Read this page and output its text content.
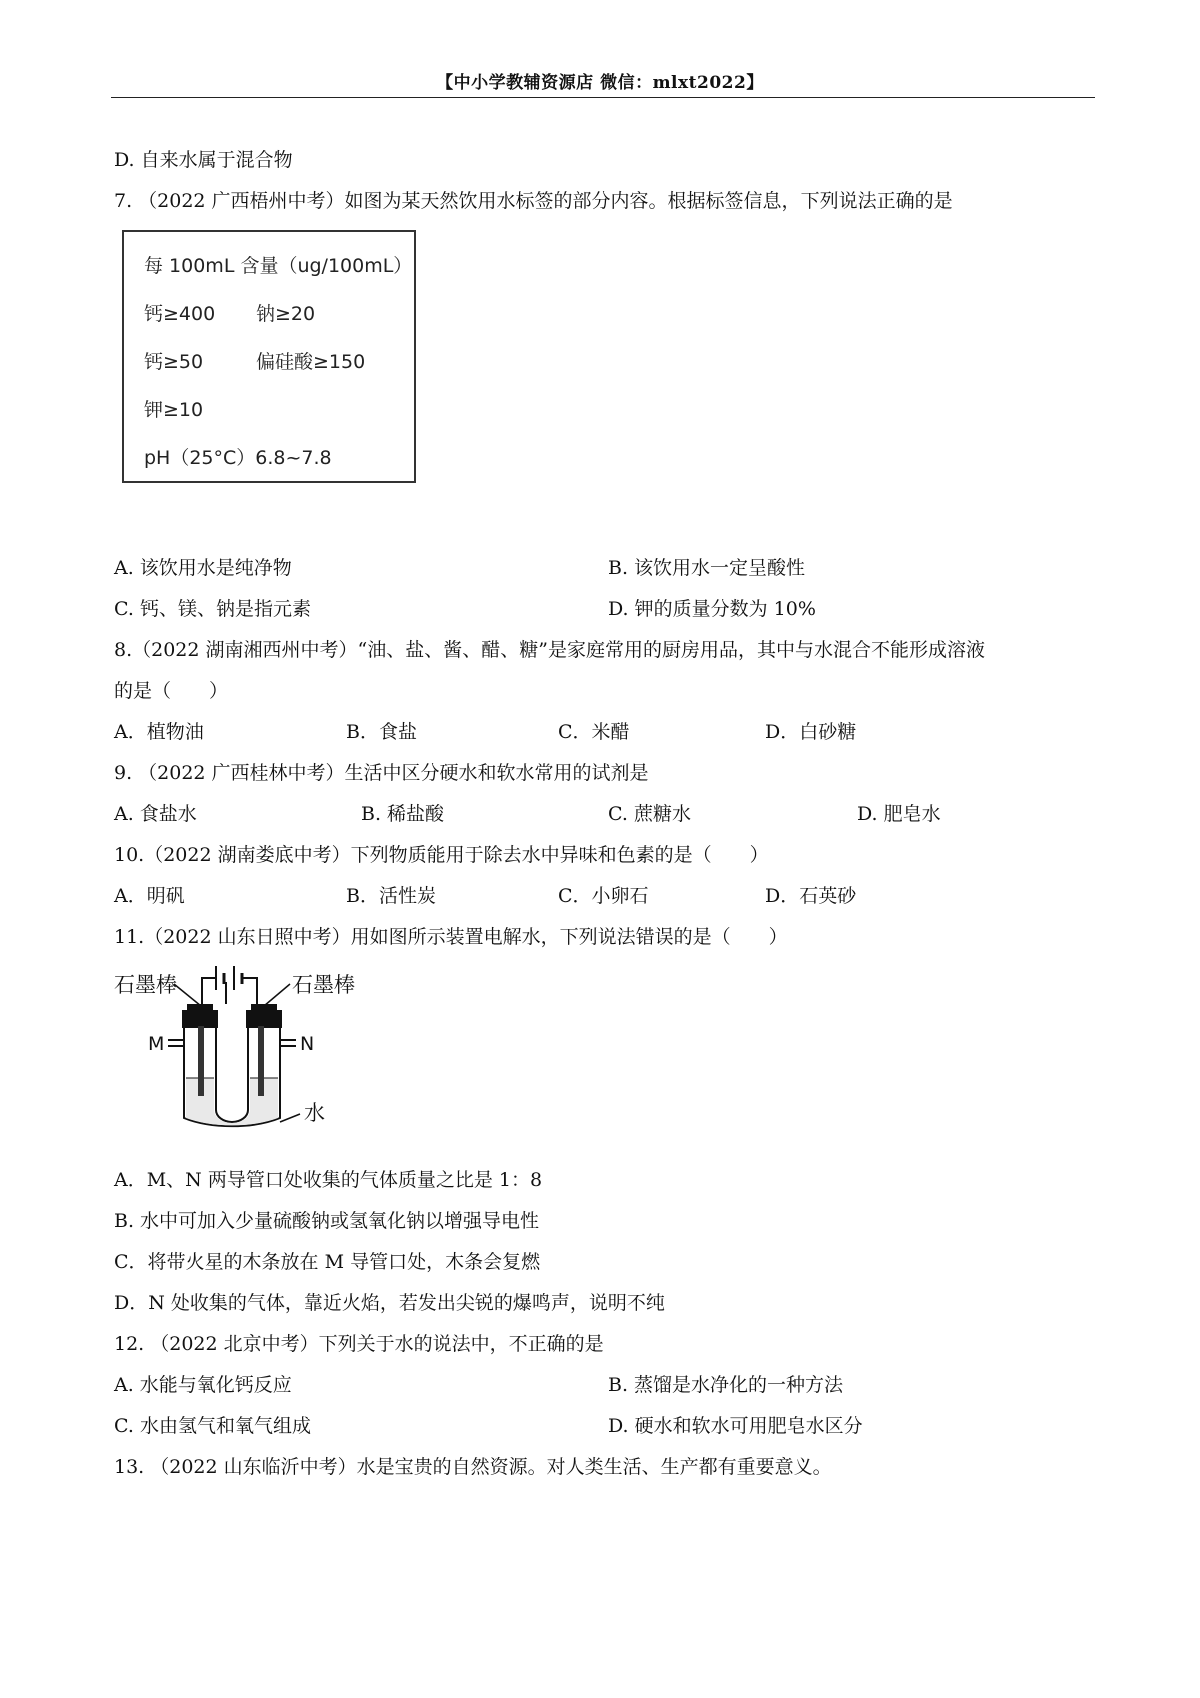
【中小学教辅资源店 微信：mlxt2022】
D. 自来水属于混合物
7. （2022 广西梧州中考）如图为某天然饮用水标签的部分内容。根据标签信息，下列说法正确的是
每 100mL 含量（ug/100mL）
钙≥400 钠≥20
钙≥50	偏硅酸≥150
钾≥10
pH（25°C）6.8~7.8
A. 该饮用水是纯净物	B. 该饮用水一定呈酸性
C. 钙、镁、钠是指元素	D. 钾的质量分数为 10%
8.（2022 湖南湘西州中考）“油、盐、酱、醋、糖”是家庭常用的厨房用品，其中与水混合不能形成溶液
的是（　　）
A．植物油	B．食盐	C．米醋	D．白砂糖
9. （2022 广西桂林中考）生活中区分硬水和软水常用的试剂是
A. 食盐水	B. 稀盐酸	C. 蔗糖水	D. 肥皂水
10.（2022 湖南娄底中考）下列物质能用于除去水中异味和色素的是（　　）
A．明矾	B．活性炭	C．小卵石	D．石英砂
11.（2022 山东日照中考）用如图所示装置电解水，下列说法错误的是（　　）
石墨棒	石墨棒
M	N
水
A．M、N 两导管口处收集的气体质量之比是 1：8
B. 水中可加入少量硫酸钠或氢氧化钠以增强导电性
C．将带火星的木条放在 M 导管口处，木条会复燃
D．N 处收集的气体，靠近火焰，若发出尖锐的爆鸣声，说明不纯
12. （2022 北京中考）下列关于水的说法中，不正确的是
A. 水能与氧化钙反应	B. 蒸馏是水净化的一种方法
C. 水由氢气和氧气组成	D. 硬水和软水可用肥皂水区分
13. （2022 山东临沂中考）水是宝贵的自然资源。对人类生活、生产都有重要意义。
